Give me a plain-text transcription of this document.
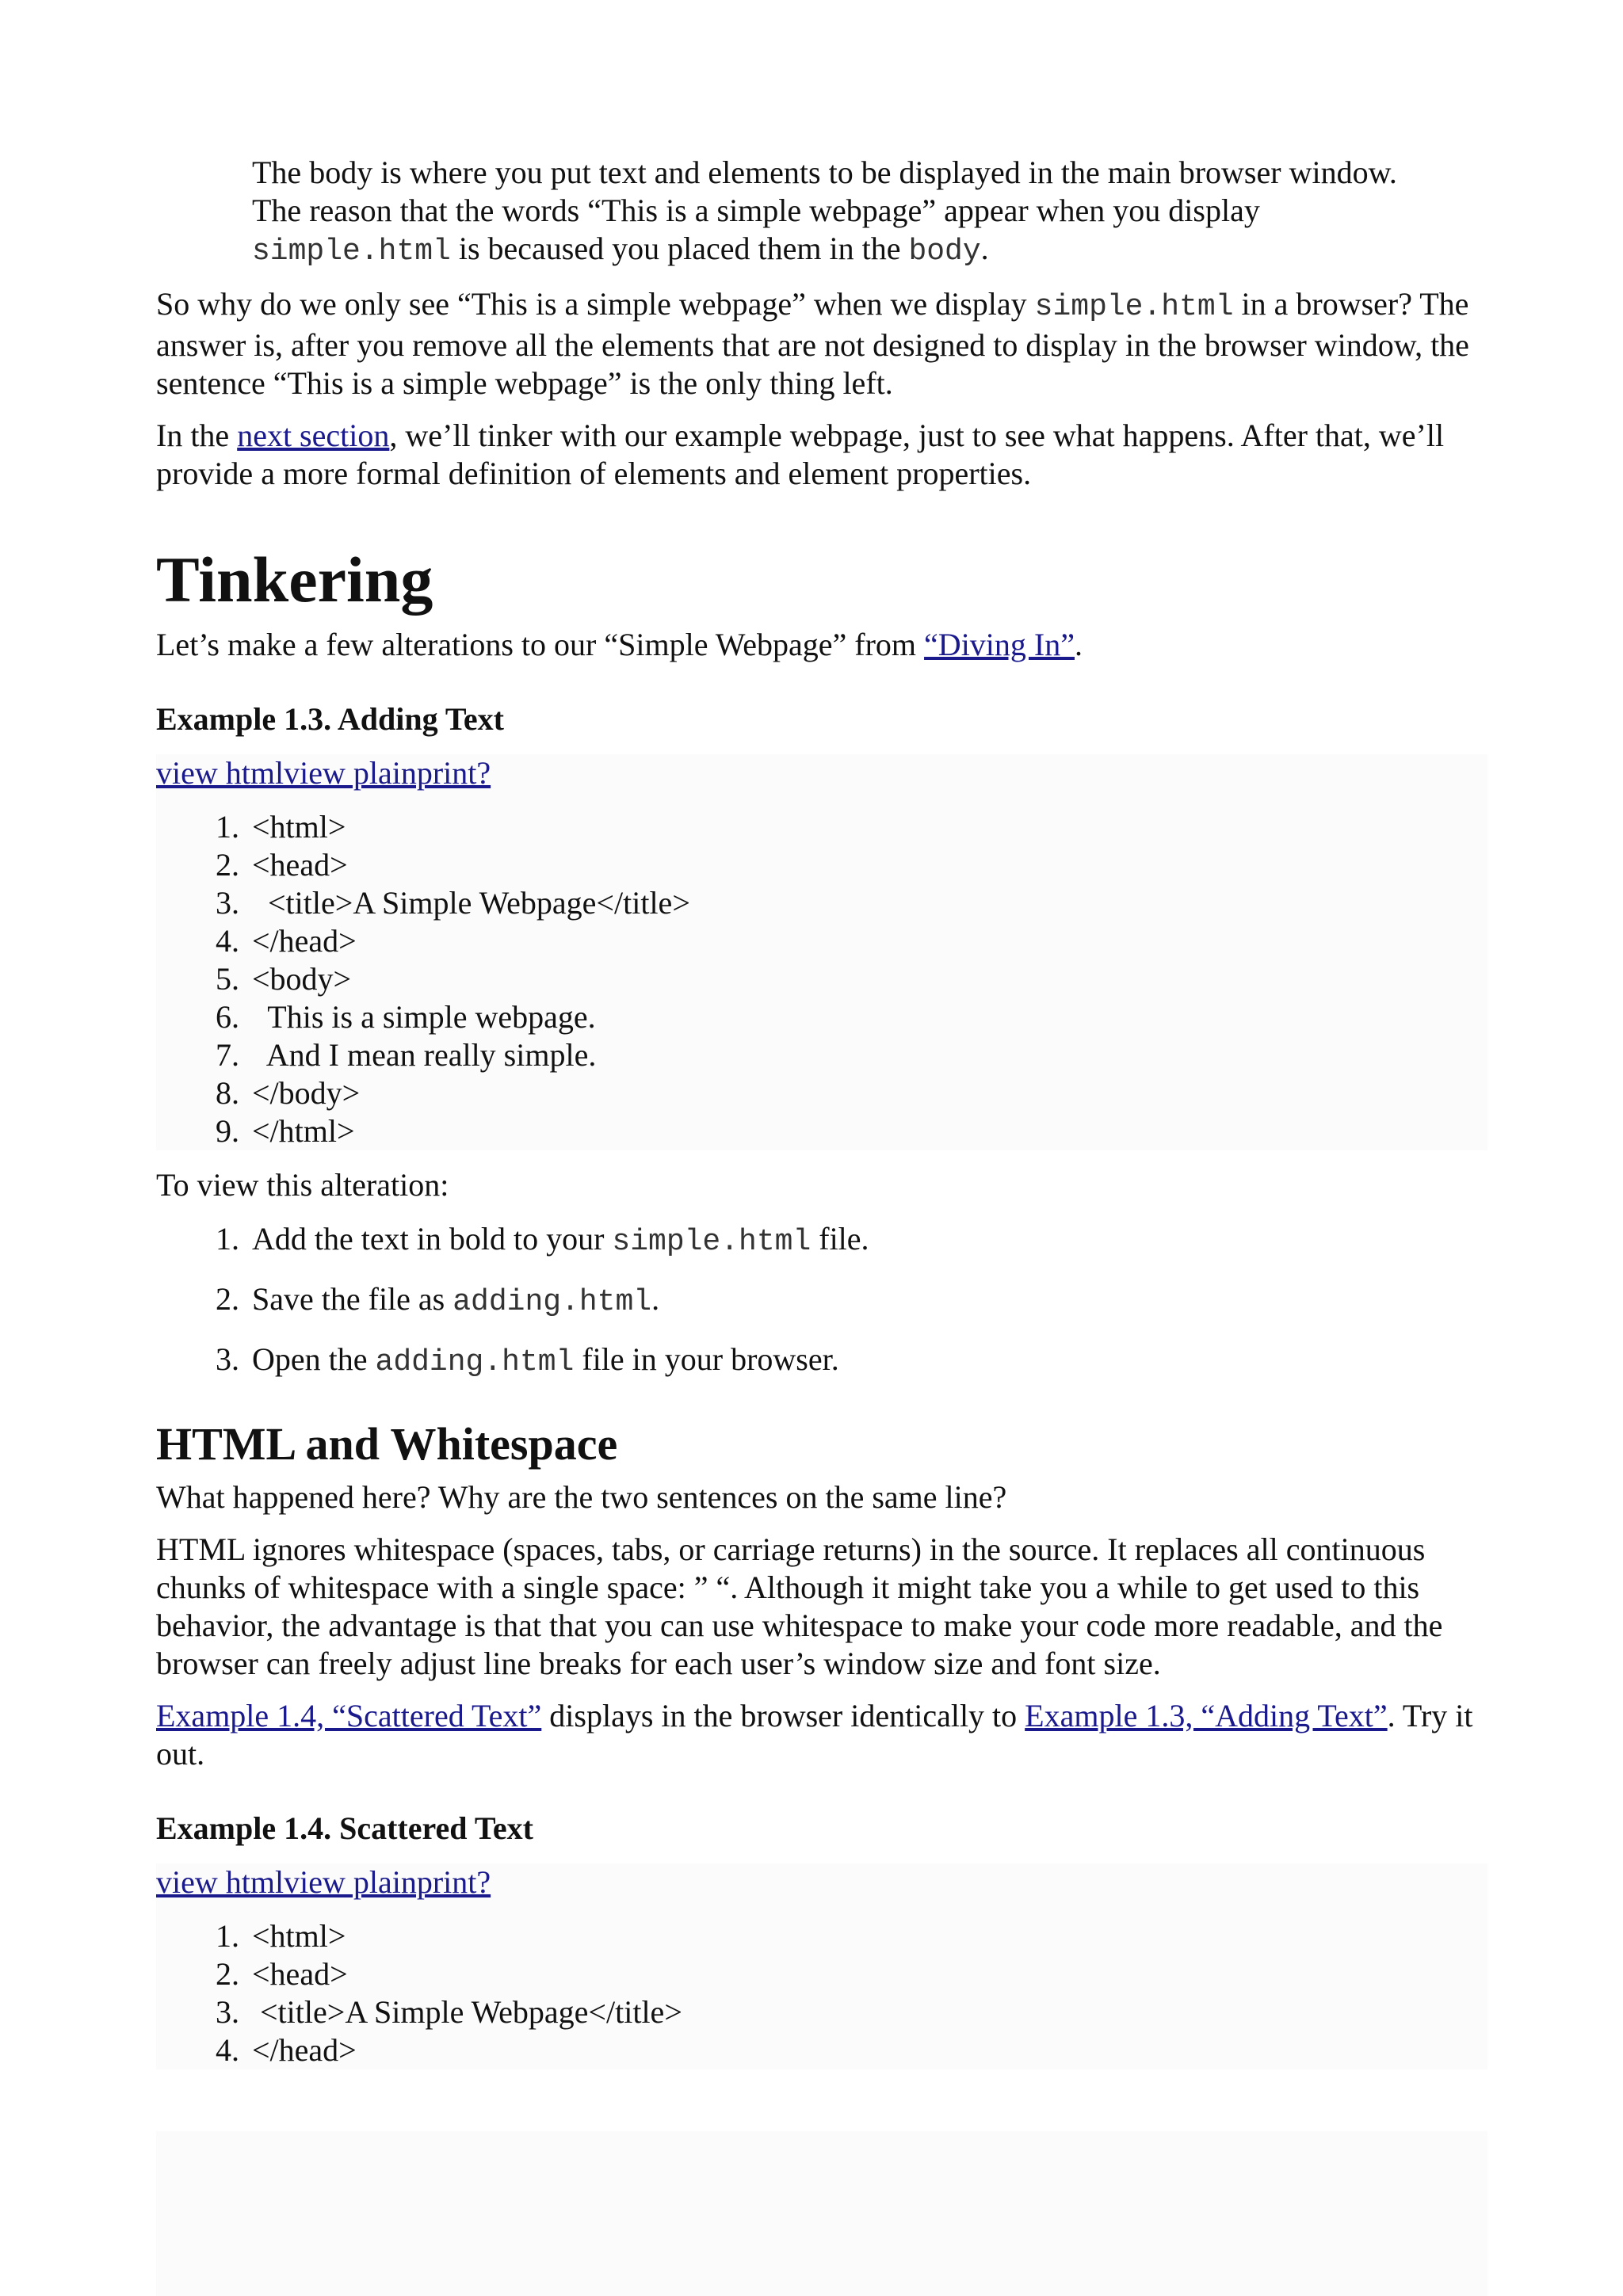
The body is where you put text and elements to be displayed in the main browser window.

The reason that the words “This is a simple webpage” appear when you display

simple.html is becaused you placed them in the body.

So why do we only see “This is a simple webpage” when we display simple.html in a browser? The answer is, after you remove all the elements that are not designed to display in the browser window, the sentence “This is a simple webpage” is the only thing left.

In the next section, we’ll tinker with our example webpage, just to see what happens. After that, we’ll provide a more formal definition of elements and element properties.

Tinkering

Let’s make a few alterations to our “Simple Webpage” from “Diving In”.

Example 1.3. Adding Text
view htmlview plainprint?
1. <html>
2. <head>
3. <title>A Simple Webpage</title>
4. </head>
5. <body>
6. This is a simple webpage.
7. And I mean really simple.
8. </body>
9. </html>

To view this alteration:

1. Add the text in bold to your simple.html file.
2. Save the file as adding.html.
3. Open the adding.html file in your browser.
HTML and Whitespace

What happened here? Why are the two sentences on the same line?

HTML ignores whitespace (spaces, tabs, or carriage returns) in the source. It replaces all continuous chunks of whitespace with a single space: ” “. Although it might take you a while to get used to this behavior, the advantage is that that you can use whitespace to make your code more readable, and the browser can freely adjust line breaks for each user’s window size and font size.

Example 1.4, “Scattered Text” displays in the browser identically to Example 1.3, “Adding Text”. Try it out.

Example 1.4. Scattered Text
view htmlview plainprint?
1. <html>
2. <head>
3. <title>A Simple Webpage</title>
4. </head>
